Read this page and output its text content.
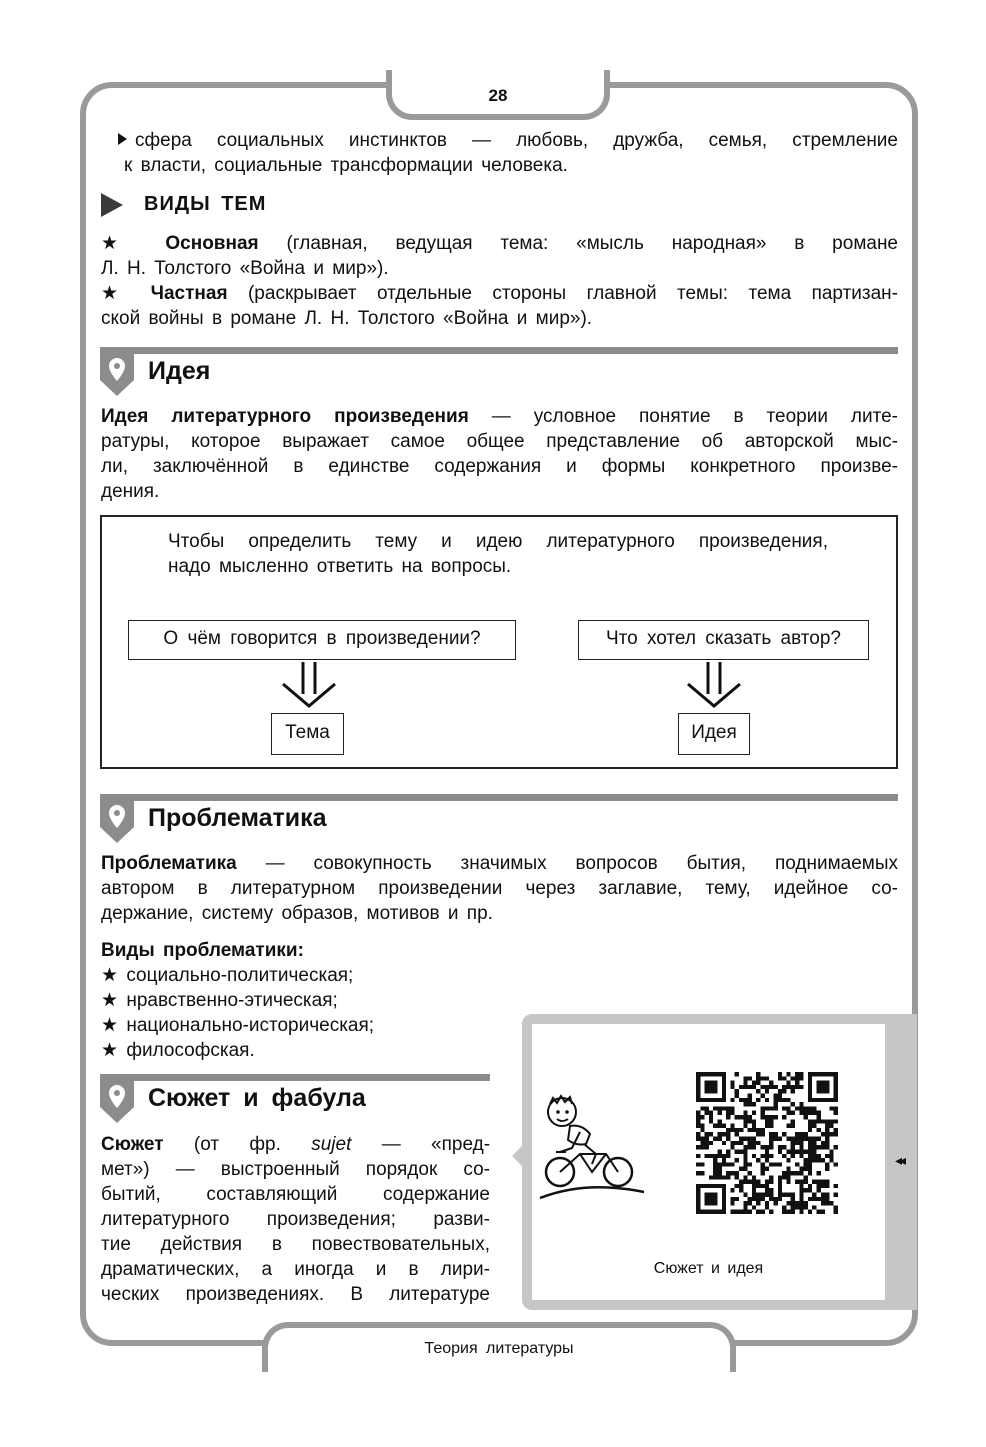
28
Теория литературы
сфера социальных инстинктов — любовь, дружба, семья, стремление
к власти, социальные трансформации человека.
ВИДЫ ТЕМ
★ Основная (главная, ведущая тема: «мысль народная» в романе
Л. Н. Толстого «Война и мир»).
★ Частная (раскрывает отдельные стороны главной темы: тема партизан-
ской войны в романе Л. Н. Толстого «Война и мир»).
Идея
Идея литературного произведения — условное понятие в теории лите-
ратуры, которое выражает самое общее представление об авторской мыс-
ли, заключённой в единстве содержания и формы конкретного произве-
дения.
Чтобы определить тему и идею литературного произведения,
надо мысленно ответить на вопросы.
О чём говорится в произведении?	Что хотел сказать автор?
Тема	Идея
Проблематика
Проблематика — совокупность значимых вопросов бытия, поднимаемых
автором в литературном произведении через заглавие, тему, идейное со-
держание, систему образов, мотивов и пр.
Виды проблематики:
★ социально-политическая;
★ нравственно-этическая;
★ национально-историческая;
★ философская.
Сюжет и фабула
Сюжет (от фр. sujet — «пред-
мет») — выстроенный порядок со-
бытий, составляющий содержание
литературного произведения; разви-
тие действия в повествовательных,
драматических, а иногда и в лири-
ческих произведениях. В литературе
◂◂
Сюжет и идея
